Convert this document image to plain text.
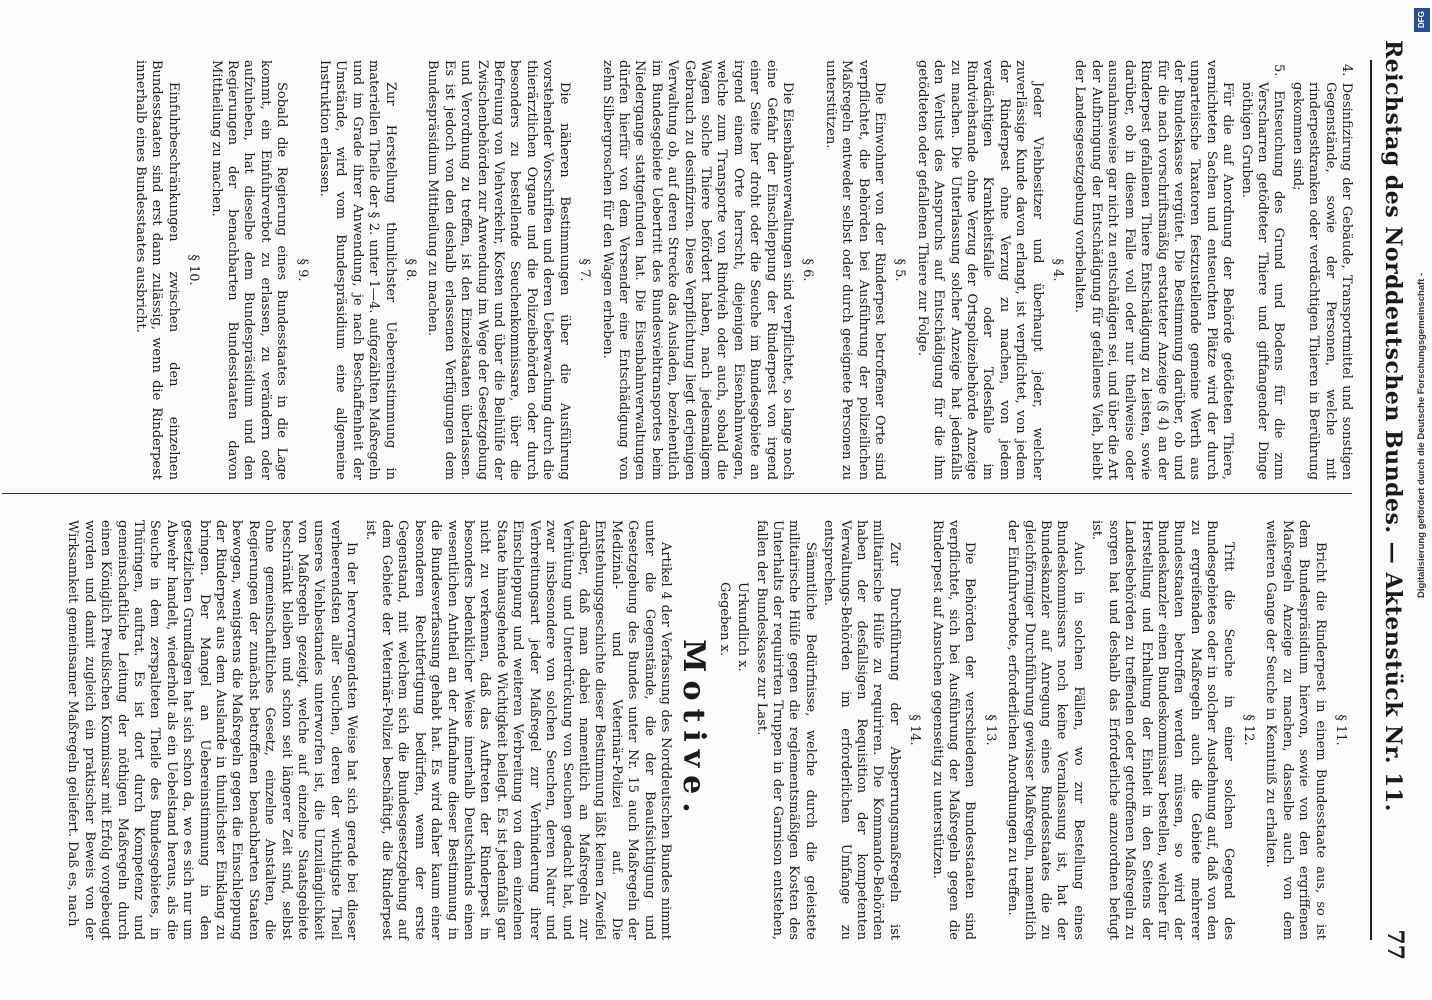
Reichstag des Norddeutschen Bundes. — Aktenstück Nr. 11.
77

4. Desinfizirung der Gebäude, Transportmittel und sonstigen Gegenstände, sowie der Personen, welche mit rinderpestkranken oder verdächtigen Thieren in Berührung gekommen sind;

5. Entseuchung des Grund und Bodens für die zum Verscharren getödteter Thiere und giftfangender Dinge nöthigen Gruben.

Für die auf Anordnung der Behörde getödteten Thiere, vernichteten Sachen und entseuchten Plätze wird der durch unparteiische Taxatoren festzustellende gemeine Werth aus der Bundeskasse vergütet. Die Bestimmung darüber, ob und für die nach vorschriftsmäßig erstatteter Anzeige (§ 4) an der Rinderpest gefallenen Thiere Entschädigung zu leisten, sowie darüber, ob in diesem Falle voll oder nur theilweise oder ausnahmsweise gar nicht zu entschädigen sei, und über die Art der Aufbringung der Entschädigung für gefallenes Vieh, bleibt der Landesgesetzgebung vorbehalten.

§ 4.

Jeder Viehbesitzer und überhaupt jeder, welcher zuverlässige Kunde davon erlangt, ist verpflichtet, von jedem der Rinderpest ohne Verzug zu machen, von jedem verdächtigen Krankheitsfalle oder Todesfalle im Rindviehstande ohne Verzug der Ortspolizeibehörde Anzeige zu machen. Die Unterlassung solcher Anzeige hat jedenfalls den Verlust des Anspruchs auf Entschädigung für die ihm getödteten oder gefallenen Thiere zur Folge.

§ 5.

Die Einwohner von der Rinderpest betroffener Orte sind verpflichtet, die Behörden bei Ausführung der polizeilichen Maßregeln entweder selbst oder durch geeignete Personen zu unterstützen.

§ 6.

Die Eisenbahnverwaltungen sind verpflichtet, so lange noch eine Gefahr der Einschleppung der Rinderpest von irgend einer Seite her droht oder die Seuche im Bundesgebiete an irgend einem Orte herrscht, diejenigen Eisenbahnwagen, welche zum Transporte von Rindvieh oder auch, sobald die Wagen solche Thiere befördert haben, nach jedesmaligem Gebrauch zu desinfiziren. Diese Verpflichtung liegt derjenigen Verwaltung ob, auf deren Strecke das Ausladen, beziehentlich im Bundesgebiete Uebertritt des Bundesviehtransportes beim Niedergange stattgefunden hat. Die Eisenbahnverwaltungen dürfen hierfür von dem Versender eine Entschädigung von zehn Silbergroschen für den Wagen erheben.

§ 7.

Die näheren Bestimmungen über die Ausführung vorstehender Vorschriften und deren Ueberwachung durch die thierärztlichen Organe und die Polizeibehörden oder durch besonders zu bestellende Seuchenkommissare, über die Befreiung von Viehverkehr, Kosten und über die Beihülfe der Zwischenbehörden zur Anwendung im Wege der Gesetzgebung und Verordnung zu treffen, ist den Einzelstaaten überlassen. Es ist jedoch von den deshalb erlassenen Verfügungen dem Bundespräsidium Mittheilung zu machen.

§ 8.

Zur Herstellung thunlichster Uebereinstimmung in materiellen Theile der § 2. unter 1—4. aufgezählten Maßregeln und im Grade ihrer Anwendung, je nach Beschaffenheit der Umstände, wird vom Bundespräsidium eine allgemeine Instruktion erlassen.

§ 9.

Sobald die Regierung eines Bundesstaates in die Lage kommt, ein Einfuhrverbot zu erlassen, zu verändern oder aufzuheben, hat dieselbe dem Bundespräsidium und den Regierungen der benachbarten Bundesstaaten davon Mittheilung zu machen.

§ 10.

Einfuhrbeschränkungen zwischen den einzelnen Bundesstaaten sind erst dann zulässig, wenn die Rinderpest innerhalb eines Bundesstaates ausbricht.

§ 11.

Bricht die Rinderpest in einem Bundesstaate aus, so ist dem Bundespräsidium hiervon, sowie von den ergriffenen Maßregeln Anzeige zu machen, dasselbe auch von dem weiteren Gange der Seuche in Kenntniß zu erhalten.

§ 12.

Tritt die Seuche in einer solchen Gegend des Bundesgebietes oder in solcher Ausdehnung auf, daß von den zu ergreifenden Maßregeln auch die Gebiete mehrerer Bundesstaaten betroffen werden müssen, so wird der Bundeskanzler einen Bundeskommissar bestellen, welcher für Herstellung und Erhaltung der Einheit in den Seitens der Landesbehörden zu treffenden oder getroffenen Maßregeln zu sorgen hat und deshalb das Erforderliche anzuordnen befugt ist.

Auch in solchen Fällen, wo zur Bestellung eines Bundeskommissars noch keine Veranlassung ist, hat der Bundeskanzler auf Anregung eines Bundesstaates die zu gleichförmiger Durchführung gewisser Maßregeln, namentlich der Einfuhrverbote, erforderlichen Anordnungen zu treffen.

§ 13.

Die Behörden der verschiedenen Bundesstaaten sind verpflichtet, sich bei Ausführung der Maßregeln gegen die Rinderpest auf Ansuchen gegenseitig zu unterstützen.

§ 14.

Zur Durchführung der Absperrungsmaßregeln ist militairische Hülfe zu requiriren. Die Kommando-Behörden haben der desfallsigen Requisition der kompetenten Verwaltungs-Behörden im erforderlichen Umfange zu entsprechen.

Sämmtliche Bedürfnisse, welche durch die geleistete militairische Hülfe gegen die reglementsmäßigen Kosten des Unterhalts der requirirten Truppen in der Garnison entstehen, fallen der Bundeskasse zur Last.

Urkundlich x.

Gegeben x.

Motive.

Artikel 4 der Verfassung des Norddeutschen Bundes nimmt unter die Gegenstände, die der Beaufsichtigung und Gesetzgebung des Bundes unter Nr. 15 auch Maßregeln der Medizinal- und Veterinär-Polizei auf. Die Entstehungsgeschichte dieser Bestimmung läßt keinen Zweifel darüber, daß man dabei namentlich an Maßregeln zur Verhütung und Unterdrückung von Seuchen gedacht hat, und zwar insbesondere von solchen Seuchen, deren Natur und Verbreitungsart jeder Maßregel zur Verhinderung ihrer Einschleppung und weiteren Verbreitung von dem einzelnen Staate hinausgehende Wichtigkeit beilegt. Es ist jedenfalls gar nicht zu verkennen, daß das Auftreten der Rinderpest in besonders bedenklicher Weise innerhalb Deutschlands einen wesentlichen Antheil an der Aufnahme dieser Bestimmung in die Bundesverfassung gehabt hat. Es wird daher kaum einer besonderen Rechtfertigung bedürfen, wenn der erste Gegenstand, mit welchem sich die Bundesgesetzgebung auf dem Gebiete der Veterinär-Polizei beschäftigt, die Rinderpest ist.

In der hervorragendsten Weise hat sich gerade bei dieser verheerendsten aller Seuchen, deren der wichtigste Theil unseres Viehbestandes unterworfen ist, die Unzulänglichkeit von Maßregeln gezeigt, welche auf einzelne Staatsgebiete beschränkt bleiben und schon seit längerer Zeit sind, selbst ohne gemeinschaftliches Gesetz, einzelne Anstalten, die Regierungen der zunächst betroffenen benachbarten Staaten bewogen, wenigstens die Maßregeln gegen die Einschleppung der Rinderpest aus dem Auslande in thunlichster Einklang zu bringen. Der Mangel an Uebereinstimmung in den gesetzlichen Grundlagen hat sich schon da, wo es sich nur um Abwehr handelt, wiederholt als ein Uebelstand heraus, als die Seuche in dem zerspalteten Theile des Bundesgebietes, in Thüringen, auftrat. Es ist dort durch Kompetenz und gemeinschaftliche Leitung der nöthigen Maßregeln durch einen Königlich Preußischen Kommissar mit Erfolg vorgebeugt worden und damit zugleich ein praktischer Beweis von der Wirksamkeit gemeinsamer Maßregeln geliefert. Daß es, nach

DFG
Digitalisierung gefördert durch die Deutsche Forschungsgemeinschaft -
